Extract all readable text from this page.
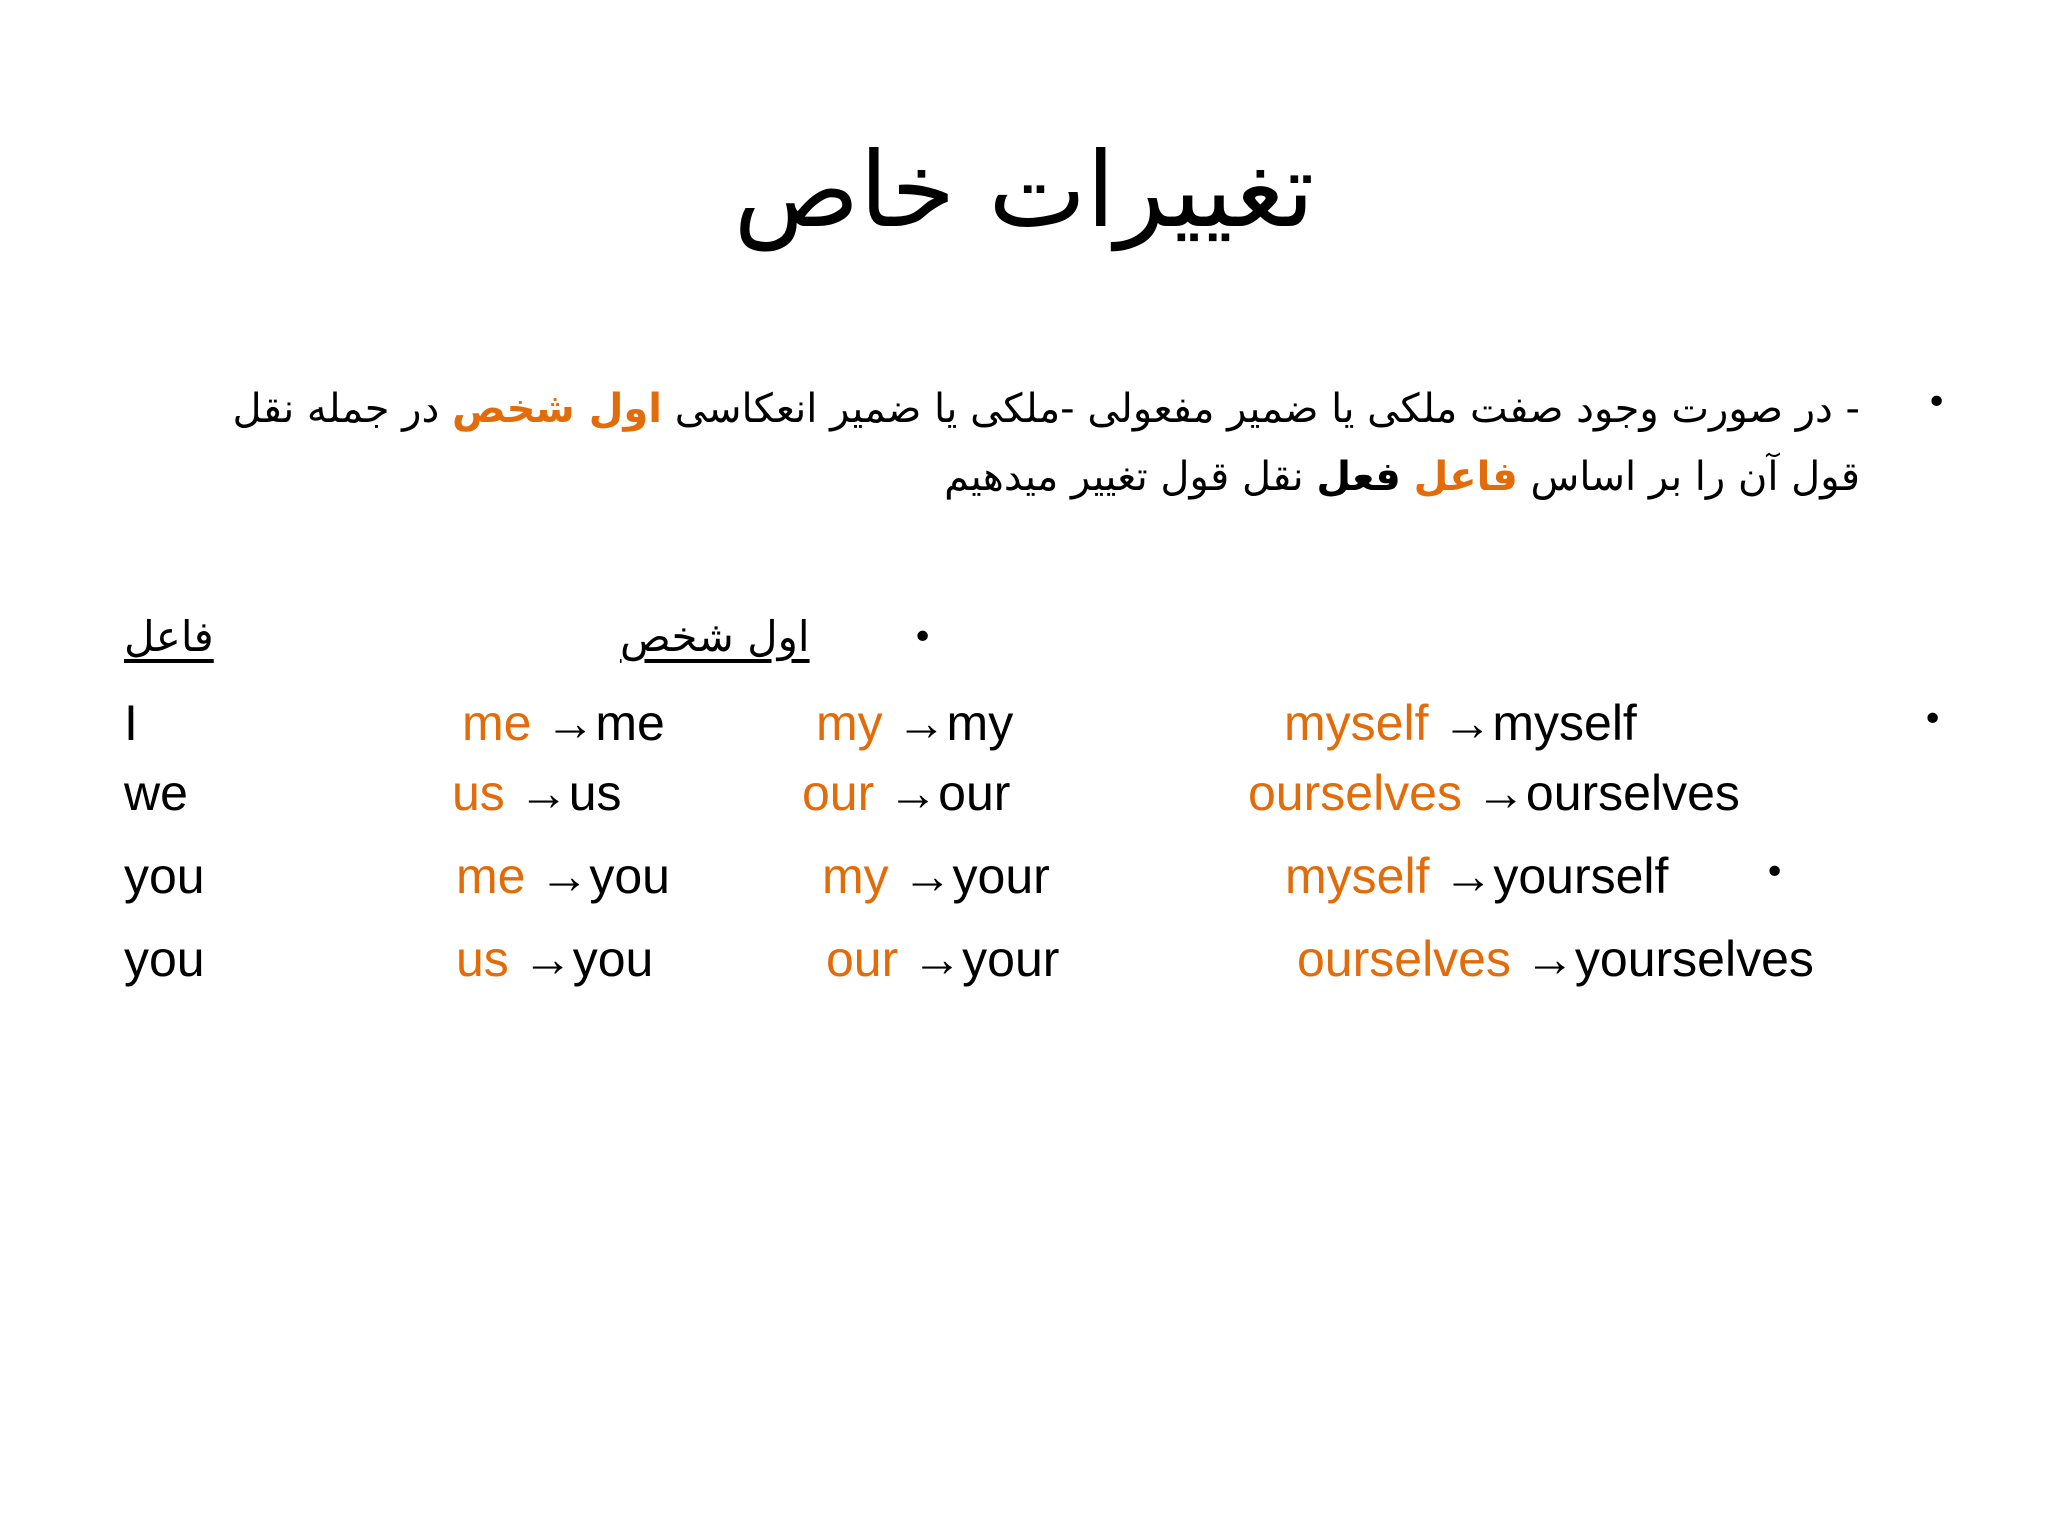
تغییرات خاص
•
- در صورت وجود صفت ملکی یا ضمیر مفعولی -ملکی یا ضمیر انعکاسی اول شخص در جمله نقل قول آن را بر اساس فاعل فعل نقل قول تغییر میدهیم
•
اول شخص
فاعل
•
•
I	me →me	my →my	myself →myself
we	us →us	our →our	ourselves →ourselves
you	me →you	my →your	myself →yourself
you	us →you	our →your	ourselves →yourselves
